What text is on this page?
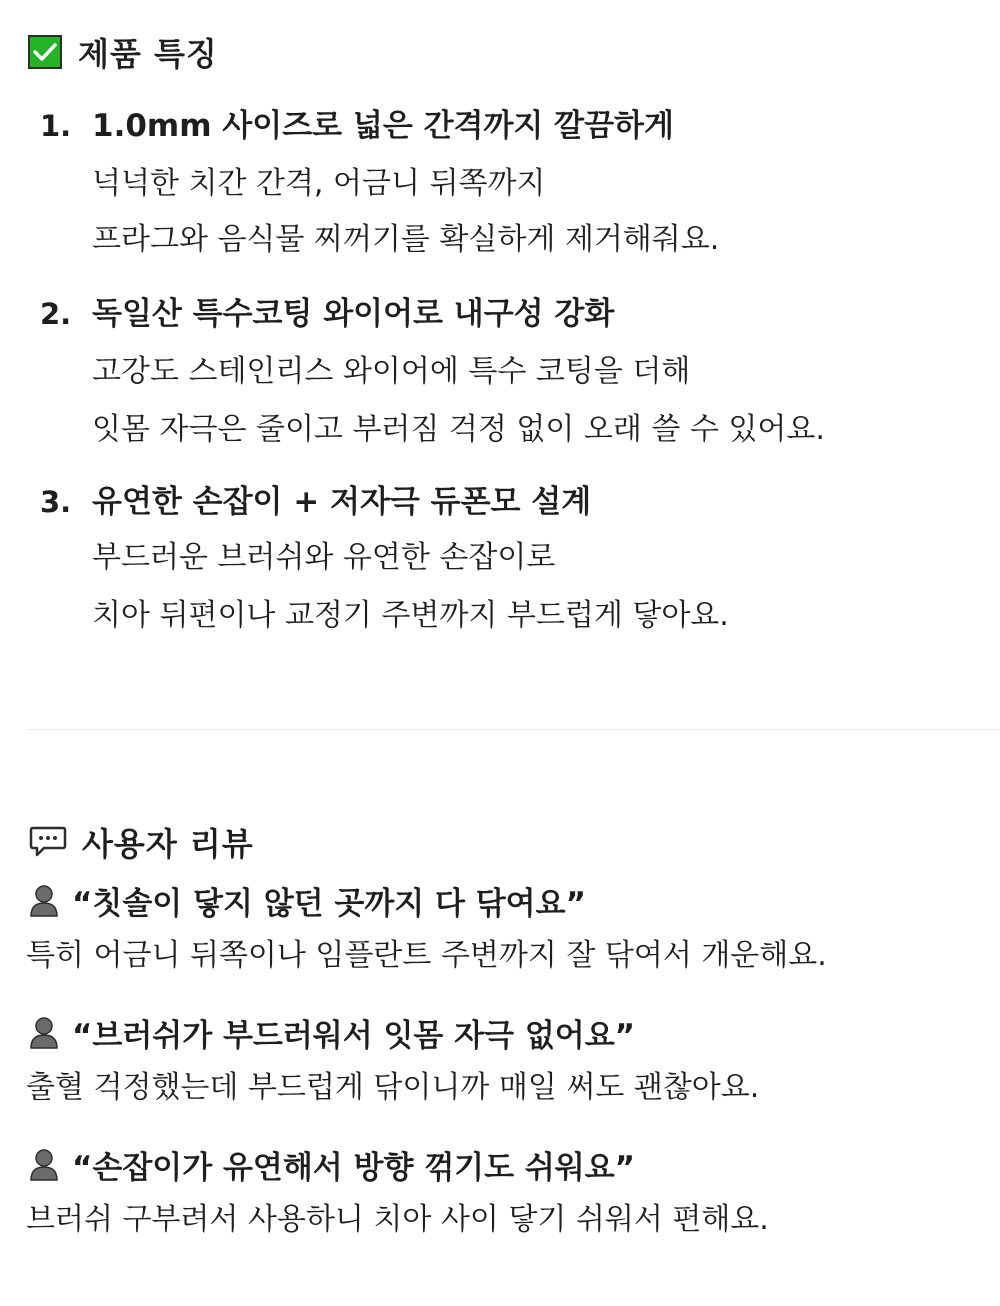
제품 특징
1. 1.0mm 사이즈로 넓은 간격까지 깔끔하게
넉넉한 치간 간격, 어금니 뒤쪽까지
프라그와 음식물 찌꺼기를 확실하게 제거해줘요.
2. 독일산 특수코팅 와이어로 내구성 강화
고강도 스테인리스 와이어에 특수 코팅을 더해
잇몸 자극은 줄이고 부러짐 걱정 없이 오래 쓸 수 있어요.
3. 유연한 손잡이 + 저자극 듀폰모 설계
부드러운 브러쉬와 유연한 손잡이로
치아 뒤편이나 교정기 주변까지 부드럽게 닿아요.
사용자 리뷰
“칫솔이 닿지 않던 곳까지 다 닦여요”
특히 어금니 뒤쪽이나 임플란트 주변까지 잘 닦여서 개운해요.
“브러쉬가 부드러워서 잇몸 자극 없어요”
출혈 걱정했는데 부드럽게 닦이니까 매일 써도 괜찮아요.
“손잡이가 유연해서 방향 꺾기도 쉬워요”
브러쉬 구부려서 사용하니 치아 사이 닿기 쉬워서 편해요.
